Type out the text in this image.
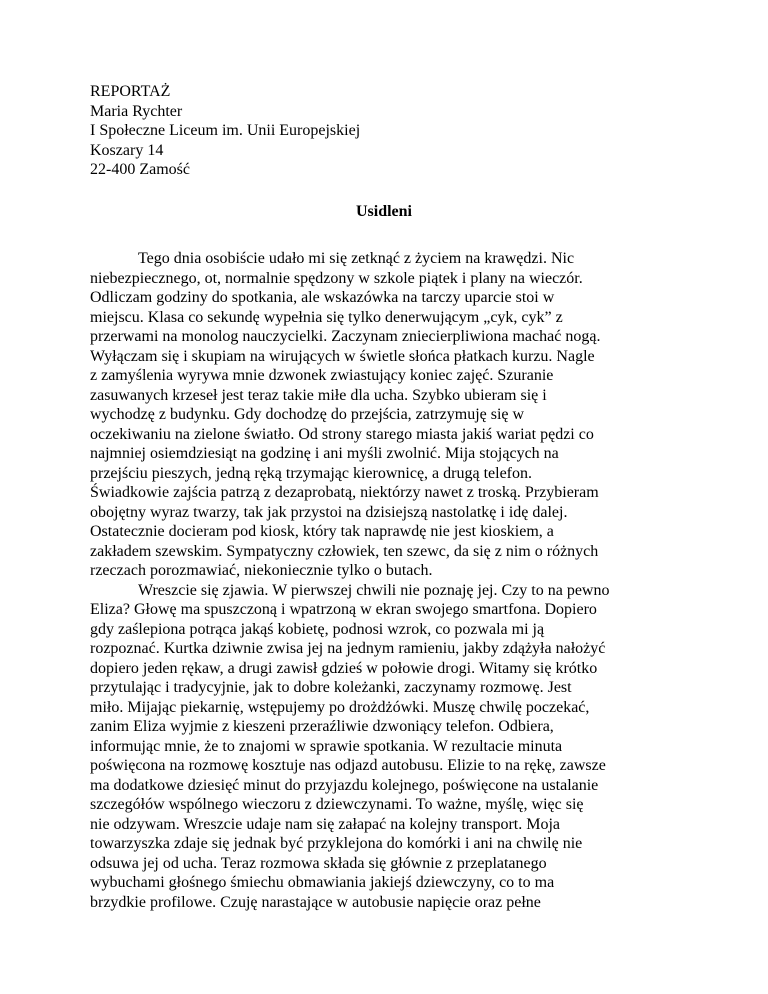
REPORTAŻ
Maria Rychter
I Społeczne Liceum im. Unii Europejskiej
Koszary 14
22-400 Zamość
Usidleni
Tego dnia osobiście udało mi się zetknąć z życiem na krawędzi. Nic
niebezpiecznego, ot, normalnie spędzony w szkole piątek i plany na wieczór.
Odliczam godziny do spotkania, ale wskazówka na tarczy uparcie stoi w
miejscu. Klasa co sekundę wypełnia się tylko denerwującym „cyk, cyk” z
przerwami na monolog nauczycielki. Zaczynam zniecierpliwiona machać nogą.
Wyłączam się i skupiam na wirujących w świetle słońca płatkach kurzu. Nagle
z zamyślenia wyrywa mnie dzwonek zwiastujący koniec zajęć. Szuranie
zasuwanych krzeseł jest teraz takie miłe dla ucha. Szybko ubieram się i
wychodzę z budynku. Gdy dochodzę do przejścia, zatrzymuję się w
oczekiwaniu na zielone światło. Od strony starego miasta jakiś wariat pędzi co
najmniej osiemdziesiąt na godzinę i ani myśli zwolnić. Mija stojących na
przejściu pieszych, jedną ręką trzymając kierownicę, a drugą telefon.
Świadkowie zajścia patrzą z dezaprobatą, niektórzy nawet z troską. Przybieram
obojętny wyraz twarzy, tak jak przystoi na dzisiejszą nastolatkę i idę dalej.
Ostatecznie docieram pod kiosk, który tak naprawdę nie jest kioskiem, a
zakładem szewskim. Sympatyczny człowiek, ten szewc, da się z nim o różnych
rzeczach porozmawiać, niekoniecznie tylko o butach.
Wreszcie się zjawia. W pierwszej chwili nie poznaję jej. Czy to na pewno
Eliza? Głowę ma spuszczoną i wpatrzoną w ekran swojego smartfona. Dopiero
gdy zaślepiona potrąca jakąś kobietę, podnosi wzrok, co pozwala mi ją
rozpoznać. Kurtka dziwnie zwisa jej na jednym ramieniu, jakby zdążyła nałożyć
dopiero jeden rękaw, a drugi zawisł gdzieś w połowie drogi. Witamy się krótko
przytulając i tradycyjnie, jak to dobre koleżanki, zaczynamy rozmowę. Jest
miło. Mijając piekarnię, wstępujemy po drożdżówki. Muszę chwilę poczekać,
zanim Eliza wyjmie z kieszeni przeraźliwie dzwoniący telefon. Odbiera,
informując mnie, że to znajomi w sprawie spotkania. W rezultacie minuta
poświęcona na rozmowę kosztuje nas odjazd autobusu. Elizie to na rękę, zawsze
ma dodatkowe dziesięć minut do przyjazdu kolejnego, poświęcone na ustalanie
szczegółów wspólnego wieczoru z dziewczynami. To ważne, myślę, więc się
nie odzywam. Wreszcie udaje nam się załapać na kolejny transport. Moja
towarzyszka zdaje się jednak być przyklejona do komórki i ani na chwilę nie
odsuwa jej od ucha. Teraz rozmowa składa się głównie z przeplatanego
wybuchami głośnego śmiechu obmawiania jakiejś dziewczyny, co to ma
brzydkie profilowe. Czuję narastające w autobusie napięcie oraz pełne
